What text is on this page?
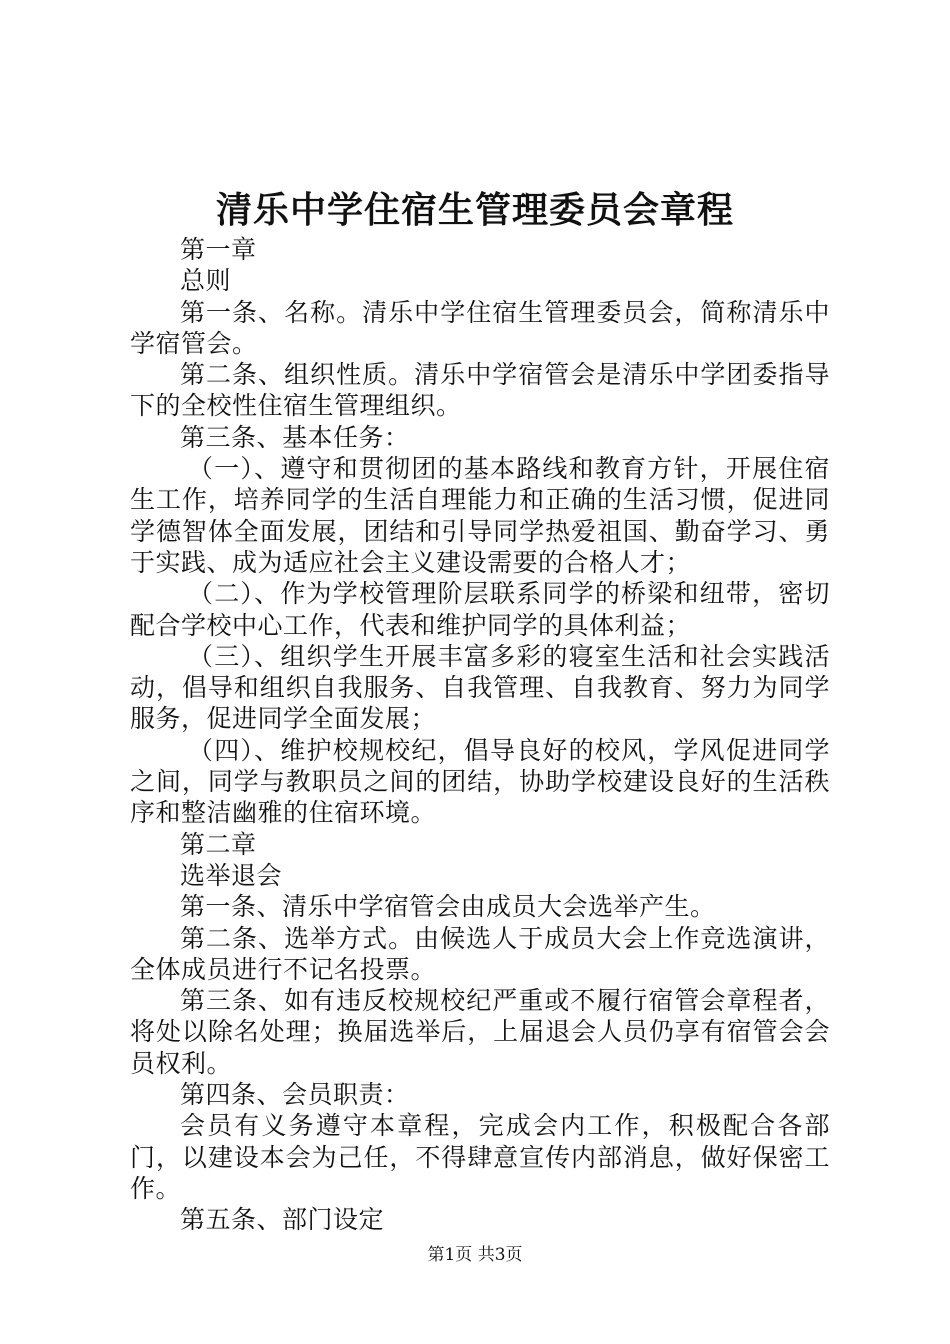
清乐中学住宿生管理委员会章程

第一章

总则

第一条、名称。清乐中学住宿生管理委员会，简称清乐中学宿管会。

第二条、组织性质。清乐中学宿管会是清乐中学团委指导下的全校性住宿生管理组织。

第三条、基本任务：

（一）、遵守和贯彻团的基本路线和教育方针，开展住宿生工作，培养同学的生活自理能力和正确的生活习惯，促进同学德智体全面发展，团结和引导同学热爱祖国、勤奋学习、勇于实践、成为适应社会主义建设需要的合格人才；

（二）、作为学校管理阶层联系同学的桥梁和纽带，密切配合学校中心工作，代表和维护同学的具体利益；

（三）、组织学生开展丰富多彩的寝室生活和社会实践活动，倡导和组织自我服务、自我管理、自我教育、努力为同学服务，促进同学全面发展；

（四）、维护校规校纪，倡导良好的校风，学风促进同学之间，同学与教职员之间的团结，协助学校建设良好的生活秩序和整洁幽雅的住宿环境。

第二章

选举退会

第一条、清乐中学宿管会由成员大会选举产生。

第二条、选举方式。由候选人于成员大会上作竞选演讲，全体成员进行不记名投票。

第三条、如有违反校规校纪严重或不履行宿管会章程者，将处以除名处理；换届选举后，上届退会人员仍享有宿管会会员权利。

第四条、会员职责：

会员有义务遵守本章程，完成会内工作，积极配合各部门，以建设本会为己任，不得肆意宣传内部消息，做好保密工作。

第五条、部门设定

第1页 共3页
